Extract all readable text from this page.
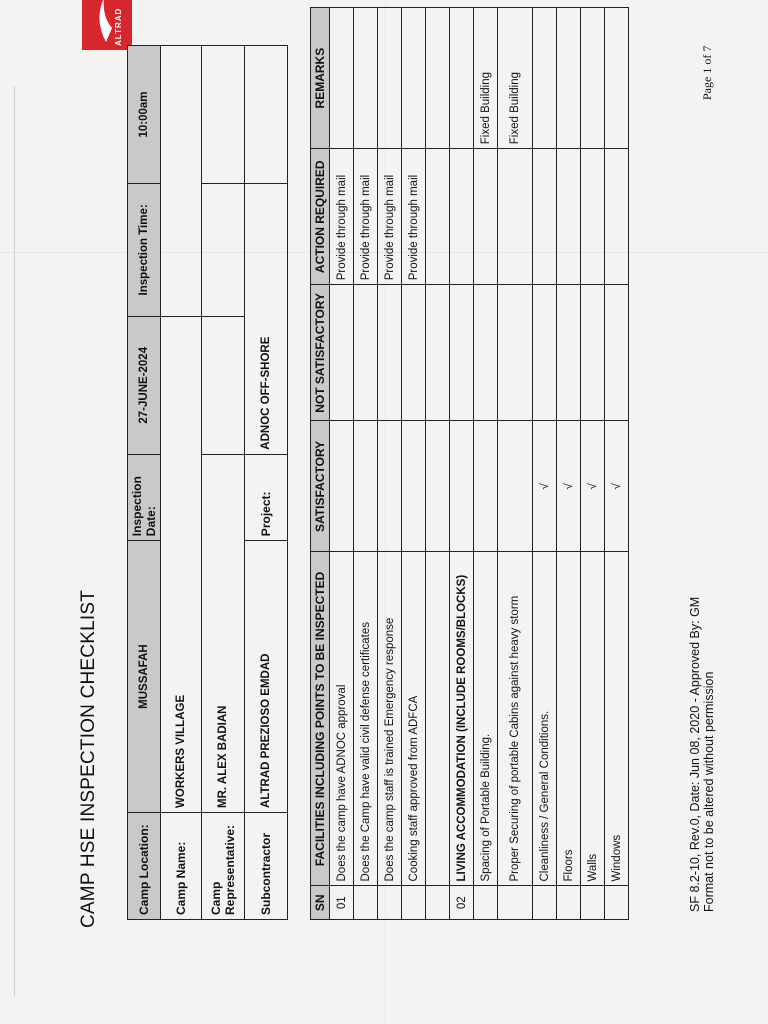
CAMP HSE INSPECTION CHECKLIST
ALTRAD
Camp Location:	MUSSAFAH	Inspection Date:	27-JUNE-2024	Inspection Time:	10:00am
Camp Name:	WORKERS VILLAGE				
Camp Representative:	MR. ALEX BADIAN				
Subcontractor	ALTRAD PREZIOSO EMDAD	Project:	ADNOC OFF-SHORE		
SN	FACILITIES INCLUDING POINTS TO BE INSPECTED	SATISFACTORY	NOT SATISFACTORY	ACTION REQUIRED	REMARKS
01	Does the camp have ADNOC approval			Provide through mail	
	Does the Camp have valid civil defense certificates			Provide through mail	
	Does the camp staff is trained Emergency response			Provide through mail	
	Cooking staff approved from ADFCA			Provide through mail	

02	LIVING ACCOMMODATION (INCLUDE ROOMS/BLOCKS)				
	Spacing of Portable Building.				Fixed Building
	Proper Securing of portable Cabins against heavy storm				Fixed Building
	Cleanliness / General Conditions.	√			
	Floors	√			
	Walls	√			
	Windows	√			
SF 8.2-10, Rev.0, Date: Jun 08, 2020 - Approved By: GM Format not to be altered without permission
Page 1 of 7
